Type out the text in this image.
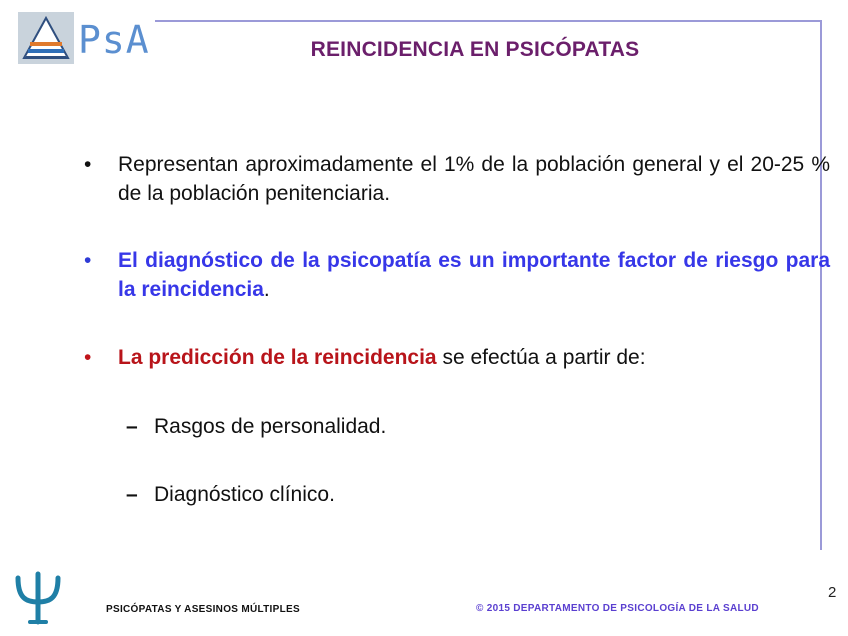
PsA	REINCIDENCIA EN PSICÓPATAS

• Representan aproximadamente el 1% de la población general y el 20-25 % de la población penitenciaria.

• El diagnóstico de la psicopatía es un importante factor de riesgo para la reincidencia.

• La predicción de la reincidencia se efectúa a partir de:

– Rasgos de personalidad.
– Diagnóstico clínico.
PSICÓPATAS Y ASESINOS MÚLTIPLES	© 2015 DEPARTAMENTO DE PSICOLOGÍA DE LA SALUD
2
